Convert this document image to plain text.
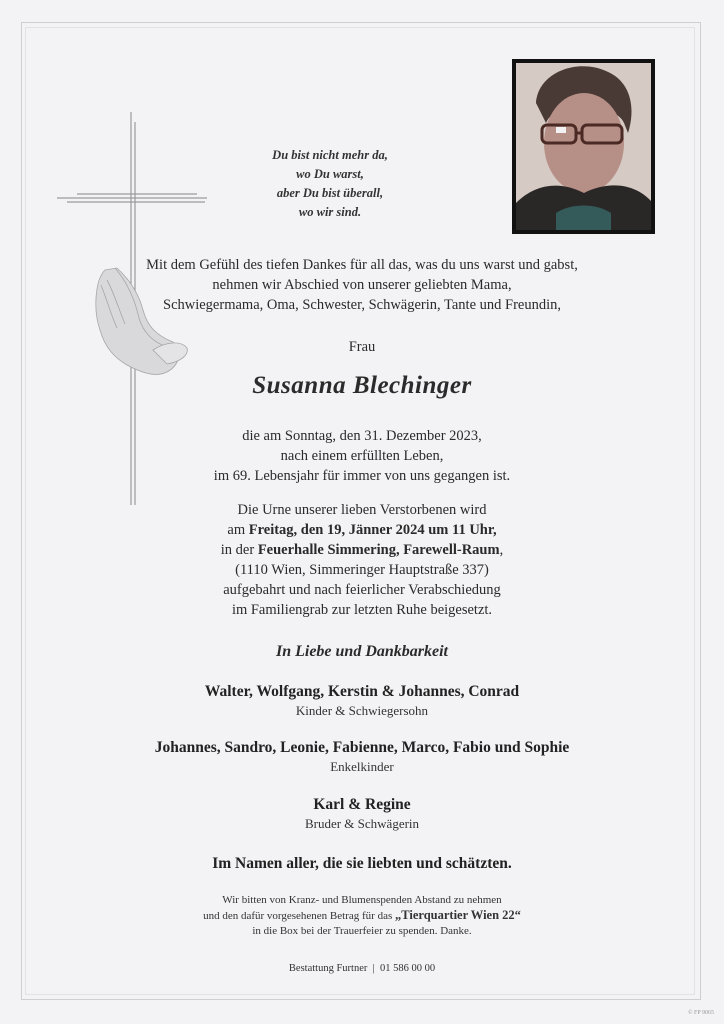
Du bist nicht mehr da,
wo Du warst,
aber Du bist überall,
wo wir sind.
Mit dem Gefühl des tiefen Dankes für all das, was du uns warst und gabst,
nehmen wir Abschied von unserer geliebten Mama,
Schwiegermama, Oma, Schwester, Schwägerin, Tante und Freundin,
Frau
Susanna Blechinger
die am Sonntag, den 31. Dezember 2023,
nach einem erfüllten Leben,
im 69. Lebensjahr für immer von uns gegangen ist.
Die Urne unserer lieben Verstorbenen wird
am Freitag, den 19, Jänner 2024 um 11 Uhr,
in der Feuerhalle Simmering, Farewell-Raum,
(1110 Wien, Simmeringer Hauptstraße 337)
aufgebahrt und nach feierlicher Verabschiedung
im Familiengrab zur letzten Ruhe beigesetzt.
In Liebe und Dankbarkeit
Walter, Wolfgang, Kerstin & Johannes, Conrad
Kinder & Schwiegersohn
Johannes, Sandro, Leonie, Fabienne, Marco, Fabio und Sophie
Enkelkinder
Karl & Regine
Bruder & Schwägerin
Im Namen aller, die sie liebten und schätzten.
Wir bitten von Kranz- und Blumenspenden Abstand zu nehmen
und den dafür vorgesehenen Betrag für das „Tierquartier Wien 22“
in die Box bei der Trauerfeier zu spenden. Danke.
Bestattung Furtner  |  01 586 00 00
© FP 9065
